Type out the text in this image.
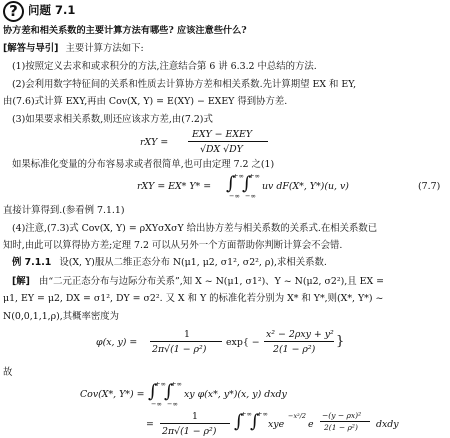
? 问题 7.1
协方差和相关系数的主要计算方法有哪些? 应该注意些什么?
[解答与导引] 主要计算方法如下:
(1)按照定义去求和或求积分的方法,注意结合第 6 讲 6.3.2 中总结的方法.
(2)会利用数字特征间的关系和性质去计算协方差和相关系数.先计算期望 EX 和 EY,
由(7.6)式计算 EXY,再由 Cov(X, Y) = E(XY) − EXEY 得到协方差.
(3)如果要求相关系数,则还应该求方差,由(7.2)式
rXY =
EXY − EXEY
√DX √DY
如果标准化变量的分布容易求或者很简单,也可由定理 7.2 之(1)
rXY = EX* Y* = ∫
+∞
−∞
∫
+∞
−∞
uv dF(X*, Y*)(u, v)	(7.7)
直接计算得到.(参看例 7.1.1)
(4)注意,(7.3)式 Cov(X, Y) = ρXYσXσY 给出协方差与相关系数的关系式.在相关系数已
知时,由此可以算得协方差;定理 7.2 可以从另外一个方面帮助你判断计算会不会错.
例 7.1.1 设(X, Y)服从二维正态分布 N(μ1, μ2, σ1², σ2², ρ),求相关系数.
[解] 由“二元正态分布与边际分布关系”,知 X ~ N(μ1, σ1²)、Y ~ N(μ2, σ2²),且 EX =
μ1, EY = μ2, DX = σ1², DY = σ2². 又 X 和 Y 的标准化若分别为 X* 和 Y*,则(X*, Y*) ~
N(0,0,1,1,ρ),其概率密度为
φ(x, y) =
1
2π√(1 − ρ²)
exp{ −
x² − 2ρxy + y²
2(1 − ρ²)
}
故
Cov(X*, Y*) = ∫
+∞
−∞
∫
+∞
−∞
xy φ(x*, y*)(x, y) dxdy
=
1
2π√(1 − ρ²) ∫
+∞
∫
+∞
xye
−x²/2
e
−(y − ρx)²
2(1 − ρ²) dxdy
